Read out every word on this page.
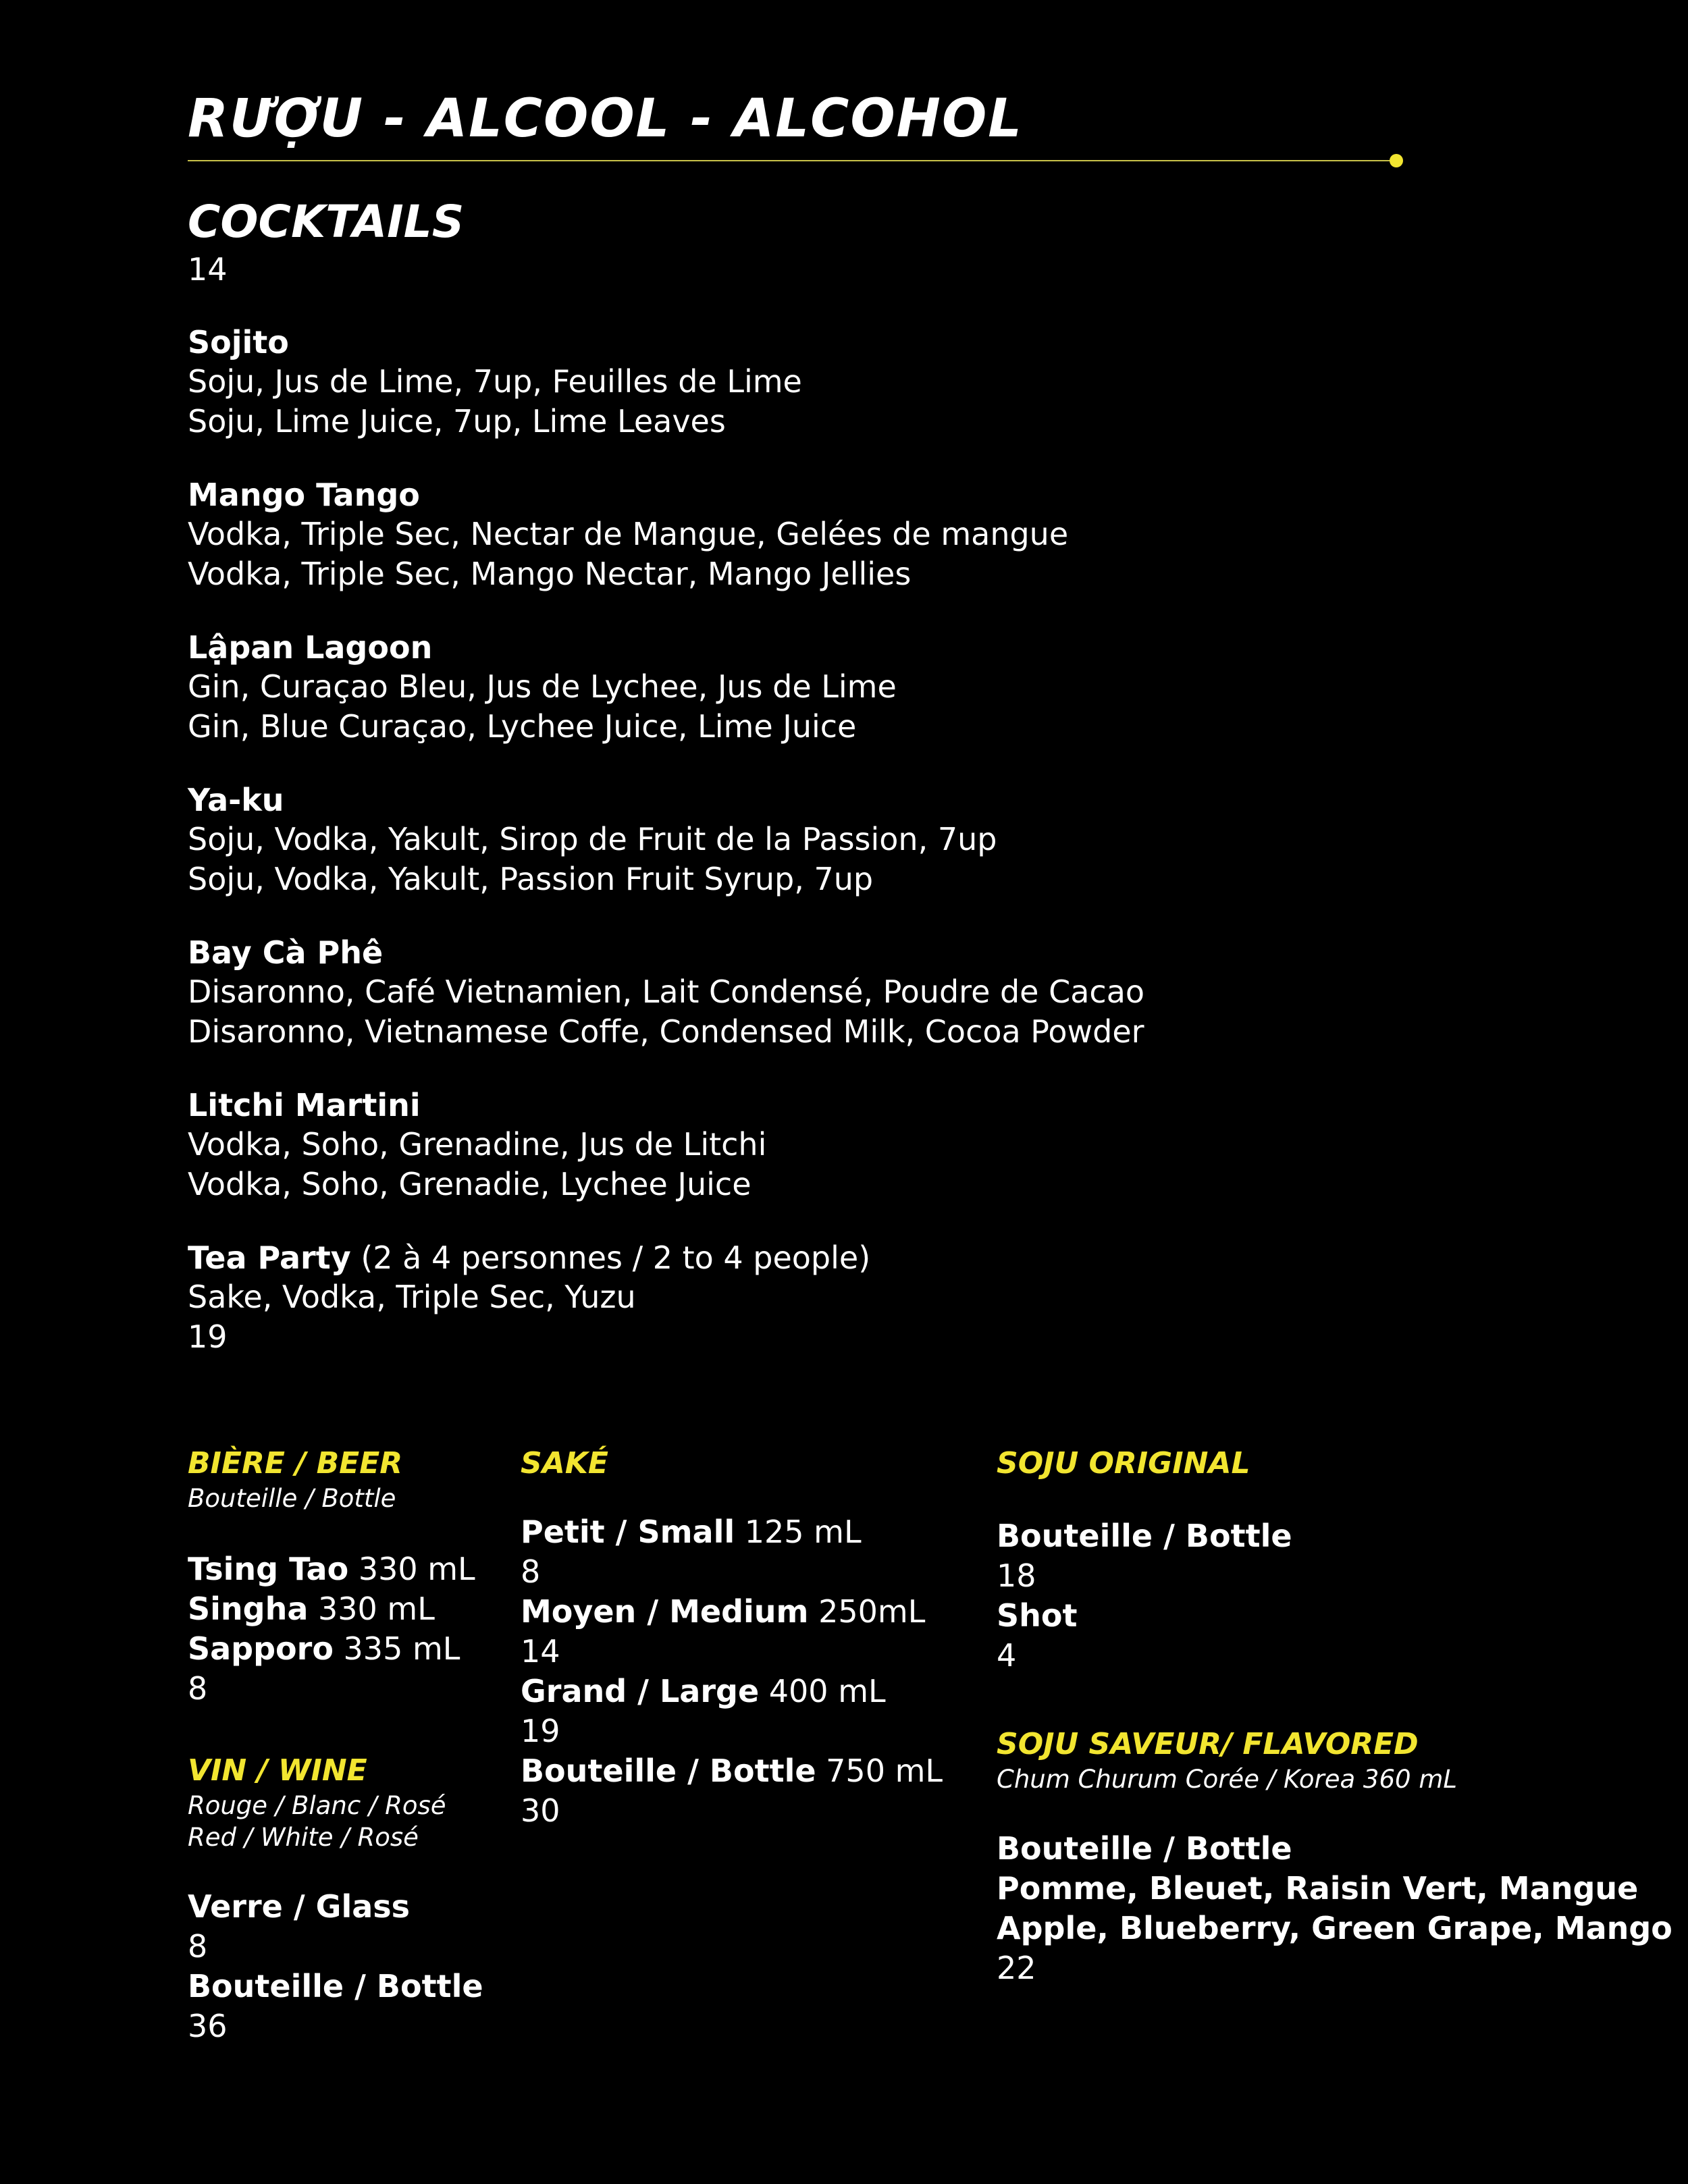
RƯỢU - ALCOOL - ALCOHOL
COCKTAILS
14
Sojito
Soju, Jus de Lime, 7up, Feuilles de Lime
Soju, Lime Juice, 7up, Lime Leaves
Mango Tango
Vodka, Triple Sec, Nectar de Mangue, Gelées de mangue
Vodka, Triple Sec, Mango Nectar, Mango Jellies
Lậpan Lagoon
Gin, Curaçao Bleu, Jus de Lychee, Jus de Lime
Gin, Blue Curaçao, Lychee Juice, Lime Juice
Ya-ku
Soju, Vodka, Yakult, Sirop de Fruit de la Passion, 7up
Soju, Vodka, Yakult, Passion Fruit Syrup, 7up
Bay Cà Phê
Disaronno, Café Vietnamien, Lait Condensé, Poudre de Cacao
Disaronno, Vietnamese Coffe, Condensed Milk, Cocoa Powder
Litchi Martini
Vodka, Soho, Grenadine, Jus de Litchi
Vodka, Soho, Grenadie, Lychee Juice
Tea Party (2 à 4 personnes / 2 to 4 people)
Sake, Vodka, Triple Sec, Yuzu
19
BIÈRE / BEER
Bouteille / Bottle
Tsing Tao 330 mL
Singha 330 mL
Sapporo 335 mL
8
VIN / WINE
Rouge / Blanc / Rosé
Red / White / Rosé
Verre / Glass
8
Bouteille / Bottle
36
SAKÉ
Petit / Small 125 mL
8
Moyen / Medium 250mL
14
Grand / Large 400 mL
19
Bouteille / Bottle 750 mL
30
SOJU ORIGINAL
Bouteille / Bottle
18
Shot
4
SOJU SAVEUR/ FLAVORED
Chum Churum Corée / Korea 360 mL
Bouteille / Bottle
Pomme, Bleuet, Raisin Vert, Mangue
Apple, Blueberry, Green Grape, Mango
22
